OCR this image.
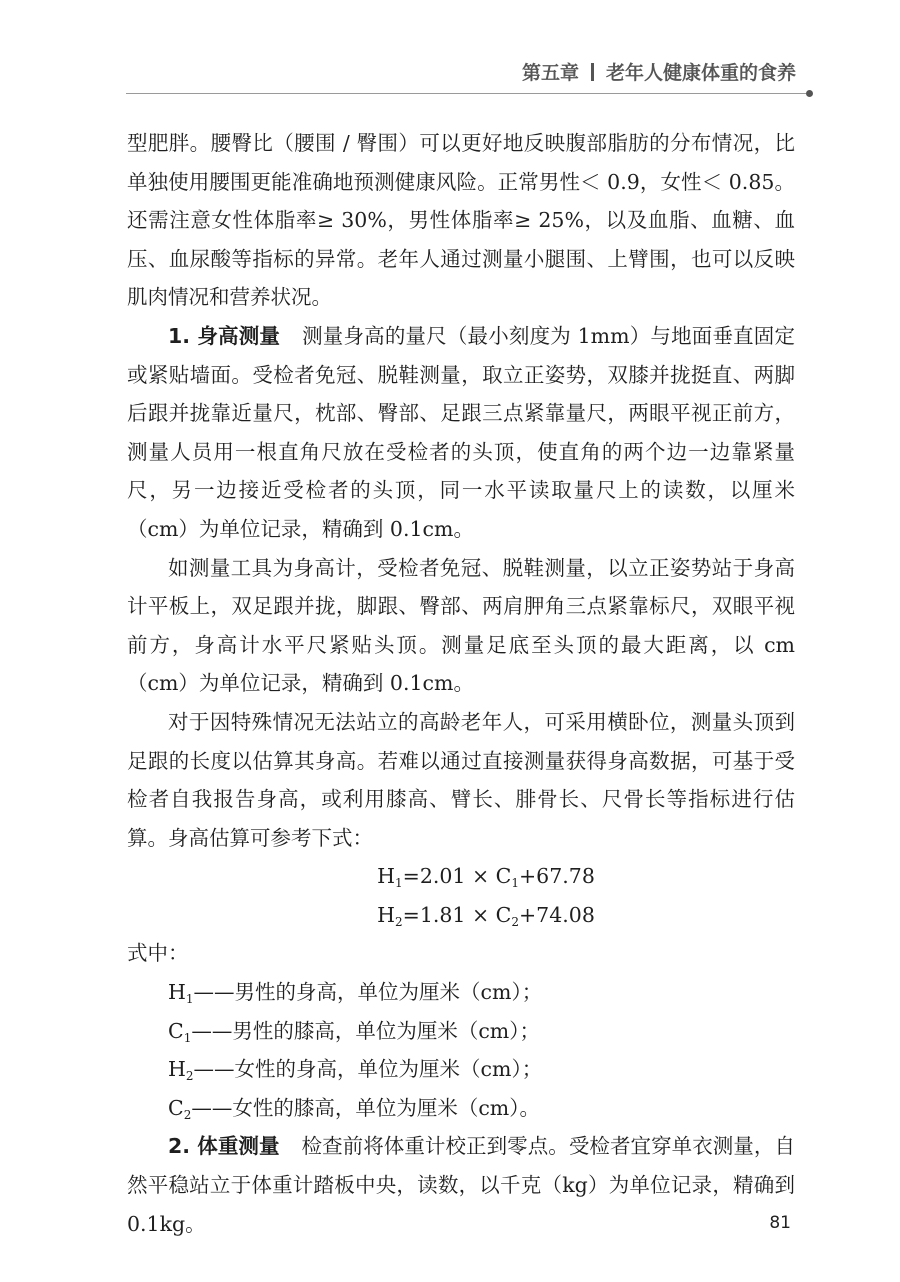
第五章 老年人健康体重的食养

型肥胖。腰臀比（腰围 / 臀围）可以更好地反映腹部脂肪的分布情况，比单独使用腰围更能准确地预测健康风险。正常男性＜ 0.9，女性＜ 0.85。还需注意女性体脂率≥ 30%，男性体脂率≥ 25%，以及血脂、血糖、血压、血尿酸等指标的异常。老年人通过测量小腿围、上臂围，也可以反映肌肉情况和营养状况。

1. 身高测量 测量身高的量尺（最小刻度为 1mm）与地面垂直固定或紧贴墙面。受检者免冠、脱鞋测量，取立正姿势，双膝并拢挺直、两脚后跟并拢靠近量尺，枕部、臀部、足跟三点紧靠量尺，两眼平视正前方，测量人员用一根直角尺放在受检者的头顶，使直角的两个边一边靠紧量尺，另一边接近受检者的头顶，同一水平读取量尺上的读数，以厘米（cm）为单位记录，精确到 0.1cm。

如测量工具为身高计，受检者免冠、脱鞋测量，以立正姿势站于身高计平板上，双足跟并拢，脚跟、臀部、两肩胛角三点紧靠标尺，双眼平视前方，身高计水平尺紧贴头顶。测量足底至头顶的最大距离，以 cm（cm）为单位记录，精确到 0.1cm。

对于因特殊情况无法站立的高龄老年人，可采用横卧位，测量头顶到足跟的长度以估算其身高。若难以通过直接测量获得身高数据，可基于受检者自我报告身高，或利用膝高、臂长、腓骨长、尺骨长等指标进行估算。身高估算可参考下式：

$H_1=2.01 \times C_1+67.78$

$H_2=1.81 \times C_2+74.08$

式中：

$H_1——$男性的身高，单位为厘米（cm）；

$C_1——$男性的膝高，单位为厘米（cm）；

$H_2——$女性的身高，单位为厘米（cm）；

$C_2——$女性的膝高，单位为厘米（cm）。

2. 体重测量 检查前将体重计校正到零点。受检者宜穿单衣测量，自然平稳站立于体重计踏板中央，读数，以千克（kg）为单位记录，精确到 0.1kg。	81
